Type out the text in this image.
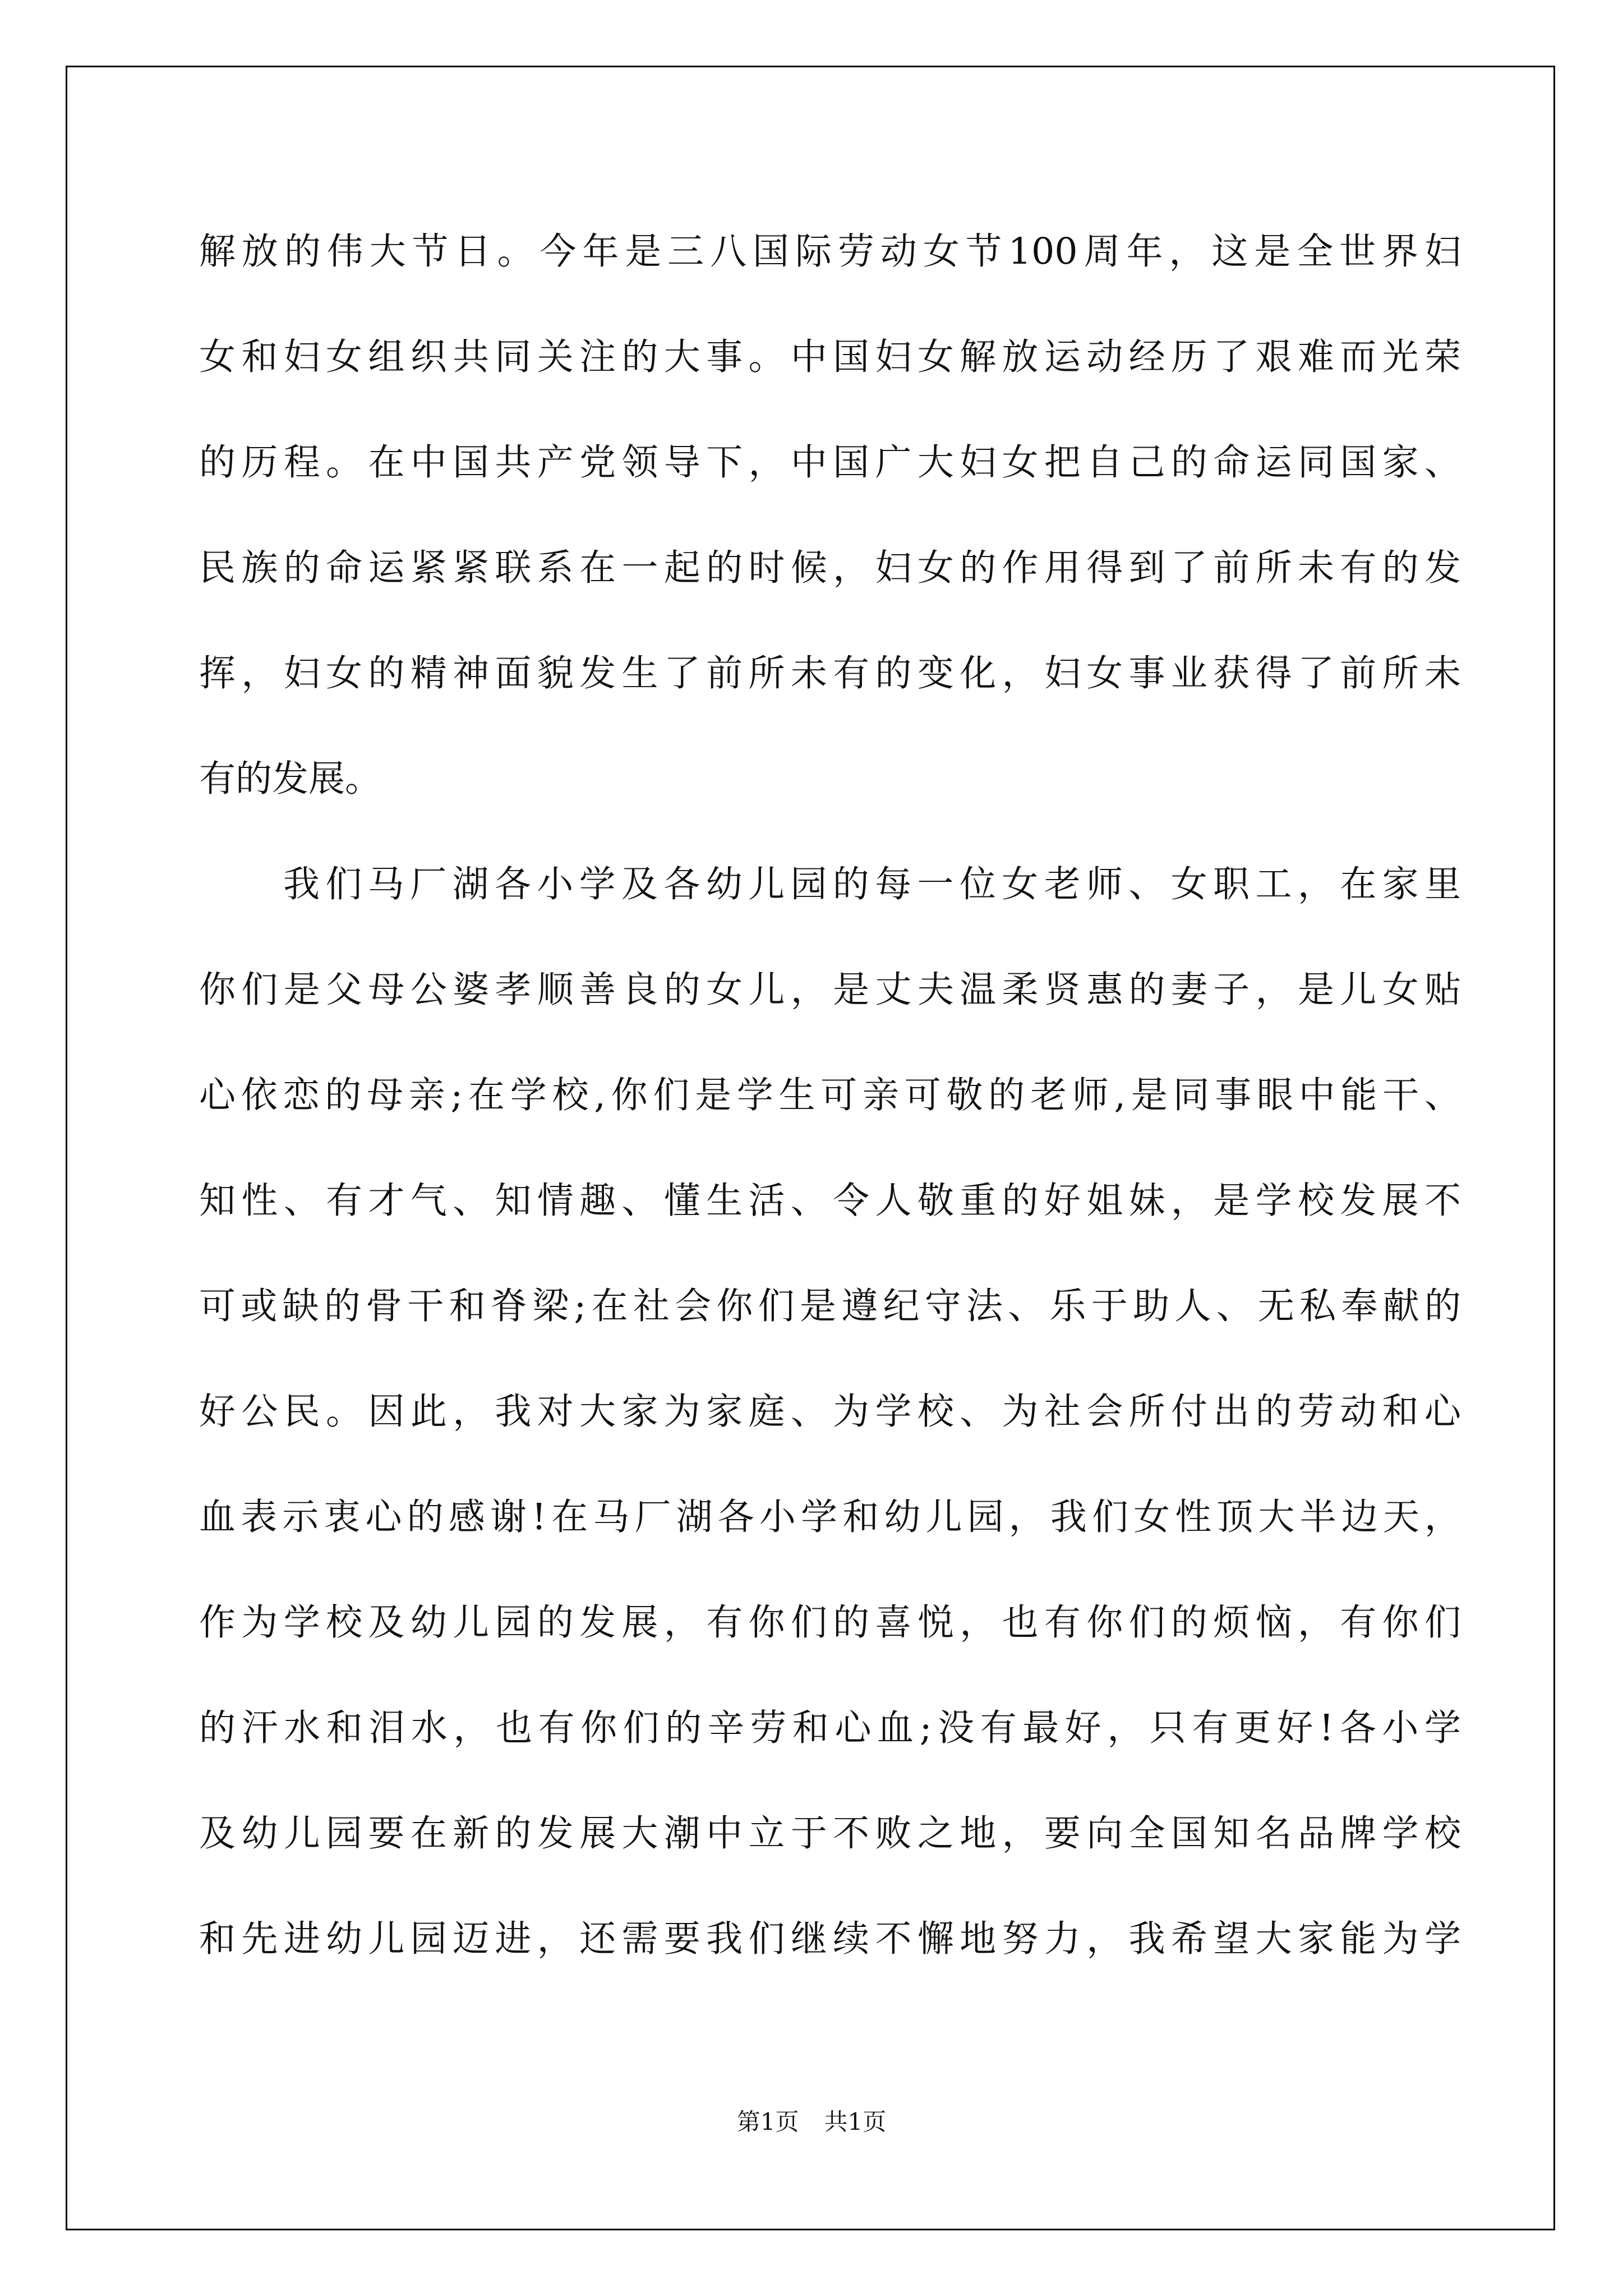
解放的伟大节日。今年是三八国际劳动女节100周年，这是全世界妇
女和妇女组织共同关注的大事。中国妇女解放运动经历了艰难而光荣
的历程。在中国共产党领导下，中国广大妇女把自己的命运同国家、
民族的命运紧紧联系在一起的时候，妇女的作用得到了前所未有的发
挥，妇女的精神面貌发生了前所未有的变化，妇女事业获得了前所未
有的发展。
我们马厂湖各小学及各幼儿园的每一位女老师、女职工，在家里
你们是父母公婆孝顺善良的女儿，是丈夫温柔贤惠的妻子，是儿女贴
心依恋的母亲;在学校,你们是学生可亲可敬的老师,是同事眼中能干、
知性、有才气、知情趣、懂生活、令人敬重的好姐妹，是学校发展不
可或缺的骨干和脊梁;在社会你们是遵纪守法、乐于助人、无私奉献的
好公民。因此，我对大家为家庭、为学校、为社会所付出的劳动和心
血表示衷心的感谢!在马厂湖各小学和幼儿园，我们女性顶大半边天，
作为学校及幼儿园的发展，有你们的喜悦，也有你们的烦恼，有你们
的汗水和泪水，也有你们的辛劳和心血;没有最好，只有更好!各小学
及幼儿园要在新的发展大潮中立于不败之地，要向全国知名品牌学校
和先进幼儿园迈进，还需要我们继续不懈地努力，我希望大家能为学
第1页 共1页
